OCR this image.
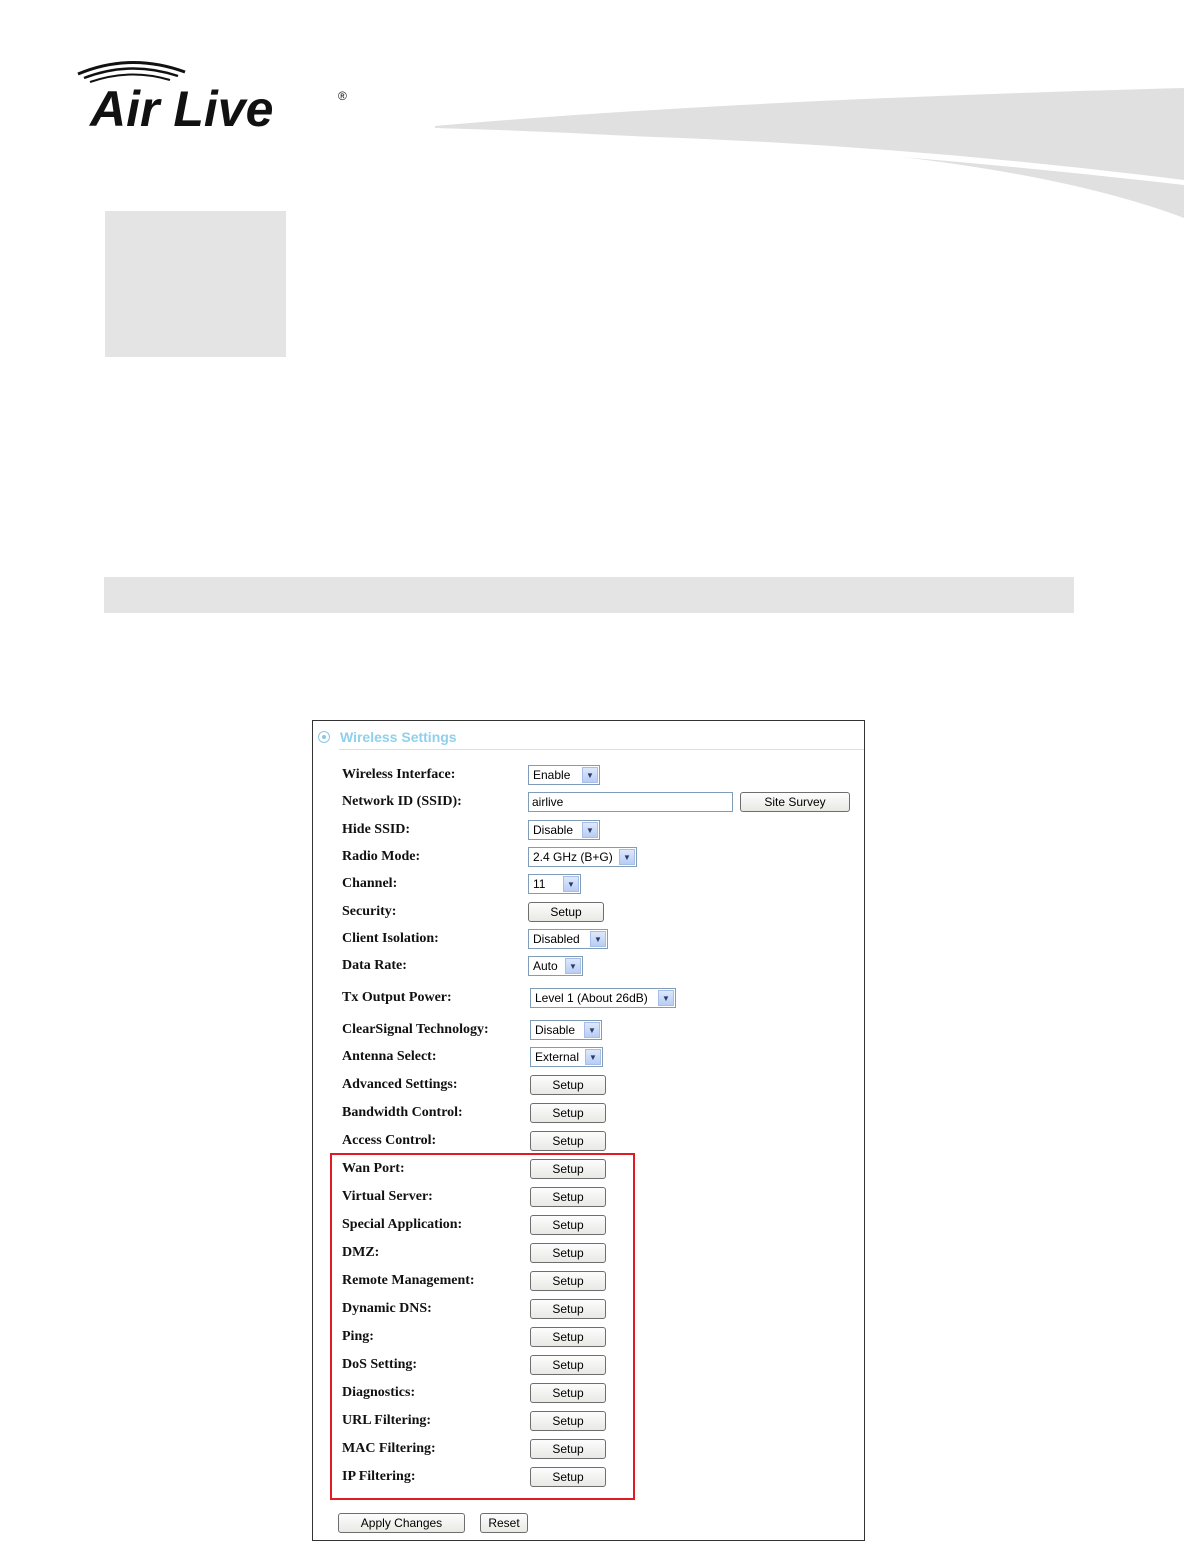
Air Live	®
Wireless Settings
Wireless Interface:	Enable	▼
Network ID (SSID):	airlive	Site Survey
Hide SSID:	Disable	▼
Radio Mode:	2.4 GHz (B+G)	▼
Channel:	11	▼
Security:	Setup
Client Isolation:	Disabled	▼
Data Rate:	Auto	▼
Tx Output Power:	Level 1 (About 26dB)	▼
ClearSignal Technology:	Disable	▼
Antenna Select:	External	▼
Advanced Settings:	Setup
Bandwidth Control:	Setup
Access Control:	Setup
Wan Port:	Setup
Virtual Server:	Setup
Special Application:	Setup
DMZ:	Setup
Remote Management:	Setup
Dynamic DNS:	Setup
Ping:	Setup
DoS Setting:	Setup
Diagnostics:	Setup
URL Filtering:	Setup
MAC Filtering:	Setup
IP Filtering:	Setup
Apply Changes	Reset
